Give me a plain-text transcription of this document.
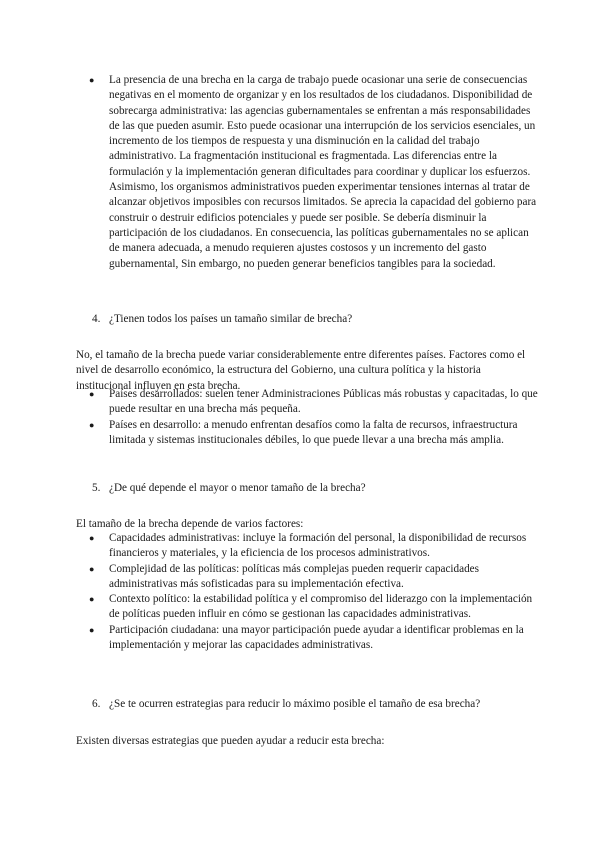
●	La presencia de una brecha en la carga de trabajo puede ocasionar una serie de consecuencias negativas en el momento de organizar y en los resultados de los ciudadanos. Disponibilidad de sobrecarga administrativa: las agencias gubernamentales se enfrentan a más responsabilidades de las que pueden asumir. Esto puede ocasionar una interrupción de los servicios esenciales, un incremento de los tiempos de respuesta y una disminución en la calidad del trabajo administrativo. La fragmentación institucional es fragmentada. Las diferencias entre la formulación y la implementación generan dificultades para coordinar y duplicar los esfuerzos. Asimismo, los organismos administrativos pueden experimentar tensiones internas al tratar de alcanzar objetivos imposibles con recursos limitados. Se aprecia la capacidad del gobierno para construir o destruir edificios potenciales y puede ser posible. Se debería disminuir la participación de los ciudadanos. En consecuencia, las políticas gubernamentales no se aplican de manera adecuada, a menudo requieren ajustes costosos y un incremento del gasto gubernamental, Sin embargo, no pueden generar beneficios tangibles para la sociedad.
4. ¿Tienen todos los países un tamaño similar de brecha?

No, el tamaño de la brecha puede variar considerablemente entre diferentes países. Factores como el nivel de desarrollo económico, la estructura del Gobierno, una cultura política y la historia institucional influyen en esta brecha.

●	Países desarrollados: suelen tener Administraciones Públicas más robustas y capacitadas, lo que puede resultar en una brecha más pequeña.
●	Países en desarrollo: a menudo enfrentan desafíos como la falta de recursos, infraestructura limitada y sistemas institucionales débiles, lo que puede llevar a una brecha más amplia.
5. ¿De qué depende el mayor o menor tamaño de la brecha?

El tamaño de la brecha depende de varios factores:

●	Capacidades administrativas: incluye la formación del personal, la disponibilidad de recursos financieros y materiales, y la eficiencia de los procesos administrativos.
●	Complejidad de las políticas: políticas más complejas pueden requerir capacidades administrativas más sofisticadas para su implementación efectiva.
●	Contexto político: la estabilidad política y el compromiso del liderazgo con la implementación de políticas pueden influir en cómo se gestionan las capacidades administrativas.
●	Participación ciudadana: una mayor participación puede ayudar a identificar problemas en la implementación y mejorar las capacidades administrativas.
6. ¿Se te ocurren estrategias para reducir lo máximo posible el tamaño de esa brecha?

Existen diversas estrategias que pueden ayudar a reducir esta brecha:
